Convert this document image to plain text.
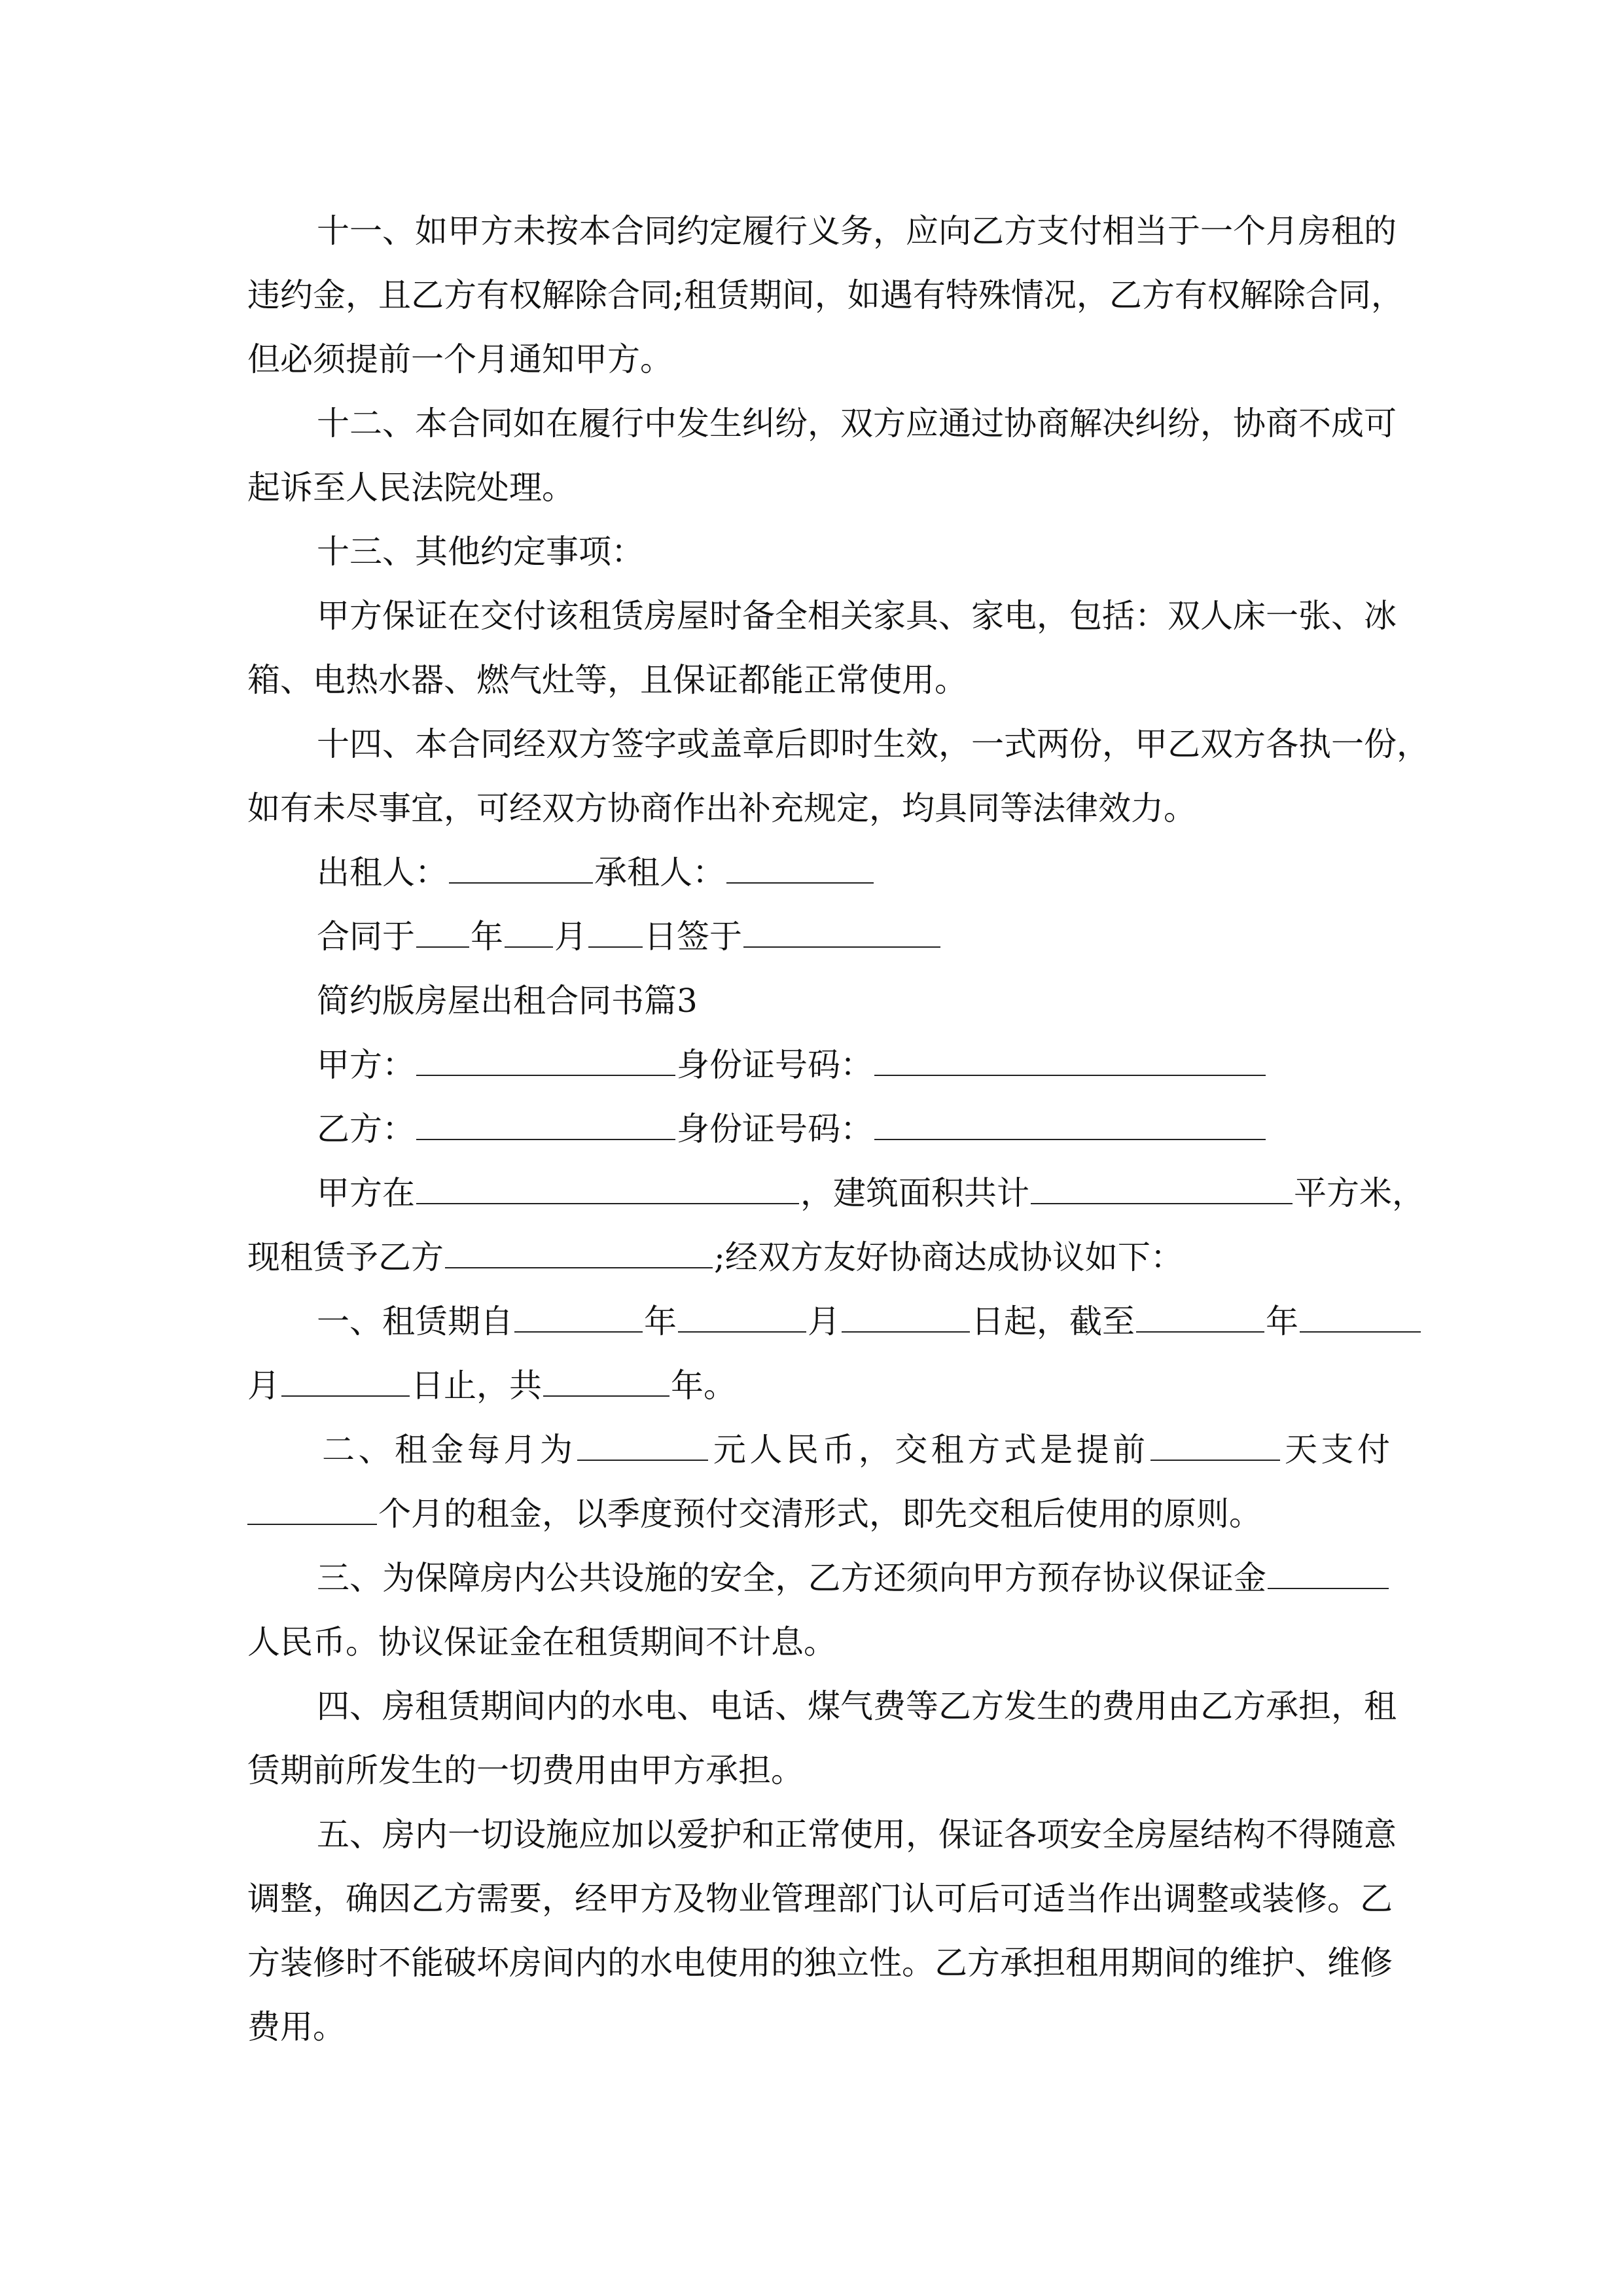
十一、如甲方未按本合同约定履行义务，应向乙方支付相当于一个月房租的
违约金，且乙方有权解除合同;租赁期间，如遇有特殊情况，乙方有权解除合同，
但必须提前一个月通知甲方。
十二、本合同如在履行中发生纠纷，双方应通过协商解决纠纷，协商不成可
起诉至人民法院处理。
十三、其他约定事项：
甲方保证在交付该租赁房屋时备全相关家具、家电，包括：双人床一张、冰
箱、电热水器、燃气灶等，且保证都能正常使用。
十四、本合同经双方签字或盖章后即时生效，一式两份，甲乙双方各执一份，
如有未尽事宜，可经双方协商作出补充规定，均具同等法律效力。
出租人：	承租人：
合同于 年 月 日签于
简约版房屋出租合同书篇3
甲方：	身份证号码：
乙方：	身份证号码：
甲方在	，建筑面积共计	平方米，
现租赁予乙方	;经双方友好协商达成协议如下：
一、租赁期自	年	月	日起，截至	年
月	日止，共	年。
二、租金每月为	元人民币，交租方式是提前	天支付
个月的租金，以季度预付交清形式，即先交租后使用的原则。
三、为保障房内公共设施的安全，乙方还须向甲方预存协议保证金
人民币。协议保证金在租赁期间不计息。
四、房租赁期间内的水电、电话、煤气费等乙方发生的费用由乙方承担，租
赁期前所发生的一切费用由甲方承担。
五、房内一切设施应加以爱护和正常使用，保证各项安全房屋结构不得随意
调整，确因乙方需要，经甲方及物业管理部门认可后可适当作出调整或装修。乙
方装修时不能破坏房间内的水电使用的独立性。乙方承担租用期间的维护、维修
费用。
